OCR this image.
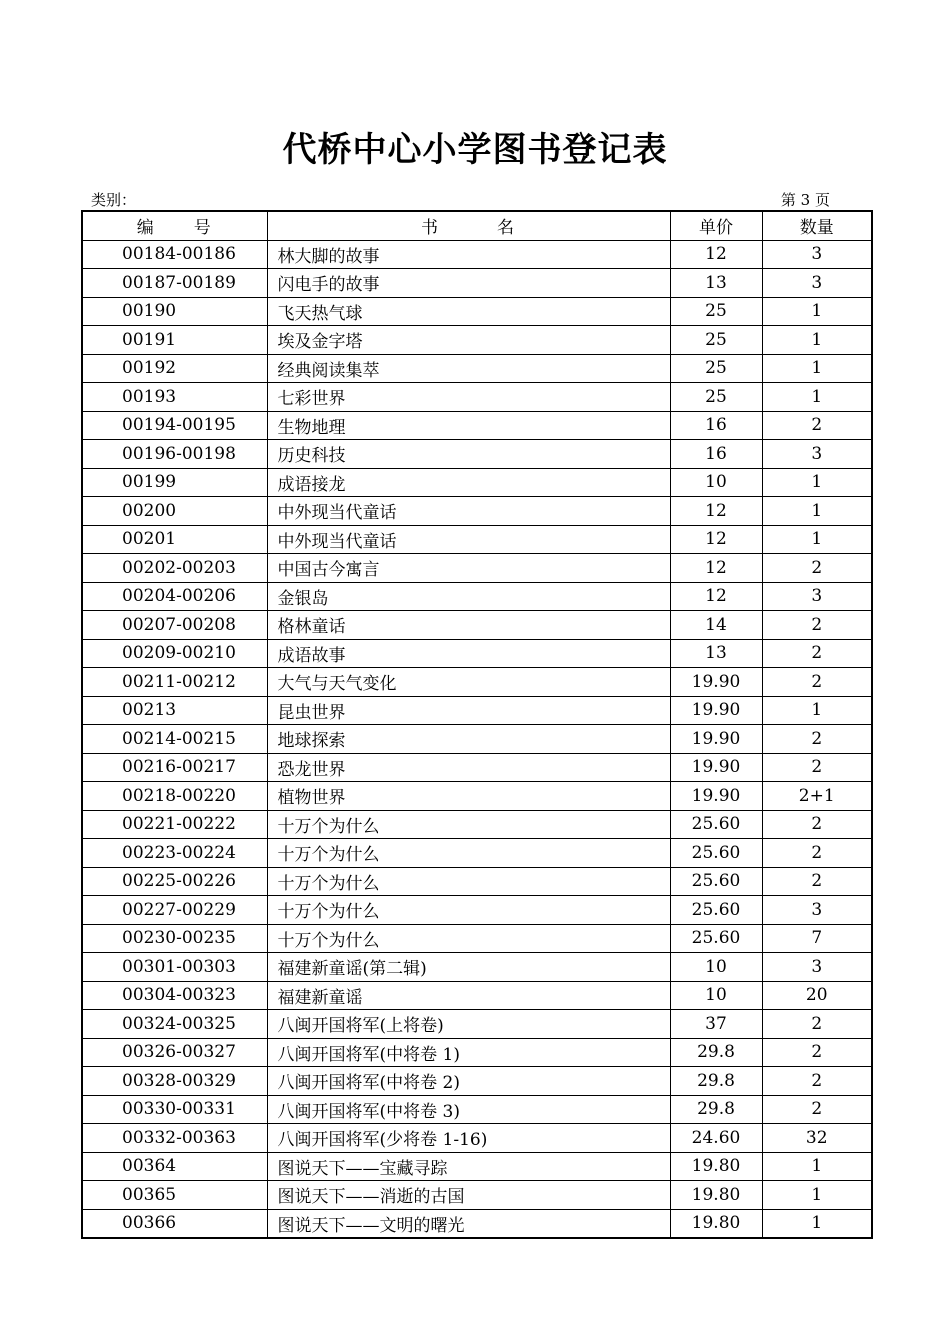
代桥中心小学图书登记表
类别：	第 3 页
编　　号	书　　　名	单价	数量
00184-00186	林大脚的故事	12	3
00187-00189	闪电手的故事	13	3
00190	飞天热气球	25	1
00191	埃及金字塔	25	1
00192	经典阅读集萃	25	1
00193	七彩世界	25	1
00194-00195	生物地理	16	2
00196-00198	历史科技	16	3
00199	成语接龙	10	1
00200	中外现当代童话	12	1
00201	中外现当代童话	12	1
00202-00203	中国古今寓言	12	2
00204-00206	金银岛	12	3
00207-00208	格林童话	14	2
00209-00210	成语故事	13	2
00211-00212	大气与天气变化	19.90	2
00213	昆虫世界	19.90	1
00214-00215	地球探索	19.90	2
00216-00217	恐龙世界	19.90	2
00218-00220	植物世界	19.90	2+1
00221-00222	十万个为什么	25.60	2
00223-00224	十万个为什么	25.60	2
00225-00226	十万个为什么	25.60	2
00227-00229	十万个为什么	25.60	3
00230-00235	十万个为什么	25.60	7
00301-00303	福建新童谣(第二辑)	10	3
00304-00323	福建新童谣	10	20
00324-00325	八闽开国将军(上将卷)	37	2
00326-00327	八闽开国将军(中将卷 1)	29.8	2
00328-00329	八闽开国将军(中将卷 2)	29.8	2
00330-00331	八闽开国将军(中将卷 3)	29.8	2
00332-00363	八闽开国将军(少将卷 1-16)	24.60	32
00364	图说天下——宝藏寻踪	19.80	1
00365	图说天下——消逝的古国	19.80	1
00366	图说天下——文明的曙光	19.80	1
